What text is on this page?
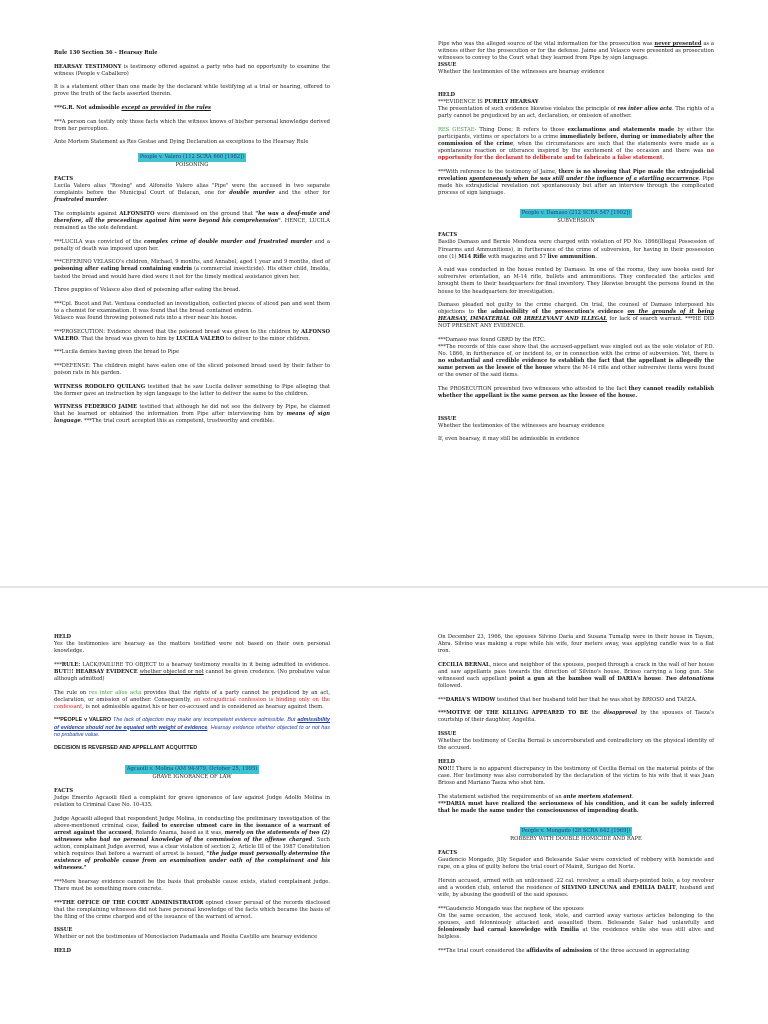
Rule 130 Section 36 – Hearsay Rule

HEARSAY TESTIMONY is testimony offered against a party who had no opportunity to examine the witness (People v Caballero)

It is a statement other than one made by the declarant while testifying at a trial or hearing, offered to prove the truth of the facts asserted therein.

***G.R. Not admissible except as provided in the rules

***A person can testify only those facts which the witness knows of his/her personal knowledge derived from her perception.

Ante Mortem Statement as Res Gestae and Dying Declaration as exceptions to the Hearsay Rule

People v. Valero (112 SCRA 660 [1982])
POISONING

FACTS

Lucila Valero alias "Rosing" and Alfonsito Valero alias "Pipe" were the accused in two separate complaints before the Municipal Court of Bulacan, one for double murder and the other for frustrated murder.

The complaints against ALFONSITO were dismissed on the ground that "he was a deaf-mute and therefore, all the proceedings against him were beyond his comprehension". HENCE, LUCILA remained as the sole defendant.

***LUCILA was convicted of the complex crime of double murder and frustrated murder and a penalty of death was imposed upon her.

***CEFERINO VELASCO's children, Michael, 9 months, and Annabel, aged 1 year and 9 months, died of poisoning after eating bread containing endrin (a commercial insecticide). His other child, Imelda, tasted the bread and would have died were it not for the timely medical assistance given her.

Three puppies of Velasco also died of poisoning after eating the bread.

***Cpl. Bucot and Pat. Ventusa conducted an investigation, collected pieces of sliced pan and sent them to a chemist for examination. It was found that the bread contained endrin.

Velasco was found throwing poisoned rats into a river near his house.

***PROSECUTION: Evidence showed that the poisoned bread was given to the children by ALFONSO VALERO. That the bread was given to him by LUCILA VALERO to deliver to the minor children.

***Lucila denies having given the bread to Pipe

***DEFENSE: The children might have eaten one of the sliced poisoned bread used by their father to poison rats in his garden.

WITNESS RODOLFO QUILANG testified that he saw Lucila deliver something to Pipe alleging that the former gave an instruction by sign language to the latter to deliver the same to the children.

WITNESS FEDERICO JAIME testified that although he did not see the delivery by Pipe, he claimed that he learned or obtained the information from Pipe after interviewing him by means of sign language. ***The trial court accepted this as competent, trustworthy and credible.

Pipe who was the alleged source of the vital information for the prosecution was never presented as a witness either for the prosecution or for the defense. Jaime and Velasco were presented as prosecution witnesses to convey to the Court what they learned from Pipe by sign language.

ISSUE

Whether the testimonies of the witnesses are hearsay evidence

HELD

***EVIDENCE IS PURELY HEARSAY

The presentation of such evidence likewise violates the principle of res inter alios acta. The rights of a party cannot be prejudiced by an act, declaration, or omission of another.

RES GESTAE- Thing Done; It refers to those exclamations and statements made by either the participants, victims or spectators to a crime immediately before, during or immediately after the commission of the crime, when the circumstances are such that the statements were made as a spontaneous reaction or utterance inspired by the excitement of the occasion and there was no opportunity for the declarant to deliberate and to fabricate a false statement.

***With reference to the testimony of Jaime, there is no showing that Pipe made the extrajudicial revelation spontaneously when he was still under the influence of a startling occurrence. Pipe made his extrajudicial revelation not spontaneously but after an interview through the complicated process of sign language.

People v. Damaso (212 SCRA 547 [1992])
SUBVERSION

FACTS

Basilio Damaso and Bernie Mendoza were charged with violation of PD No. 1866(Illegal Possession of Firearms and Ammunitions), in furtherance of the crime of subversion, for having in their possession one (1) M14 Rifle with magazine and 57 live ammunition.

A raid was conducted in the house rented by Damaso. In one of the rooms, they saw books used for subversive orientation, an M-14 rifle, bullets and ammunitions. They confiscated the articles and brought them to their headquarters for final inventory. They likewise brought the persons found in the house to the headquarters for investigation.

Damaso pleaded not guilty to the crime charged. On trial, the counsel of Damaso interposed his objections to the admissibility of the prosecution's evidence on the grounds of it being HEARSAY, IMMATERIAL OR IRRELEVANT AND ILLEGAL for lack of search warrant. ***HE DID NOT PRESENT ANY EVIDENCE.

***Damaso was found GBRD by the RTC.

***The records of this case show that the accused-appellant was singled out as the sole violator of P.D. No. 1866, in furtherance of, or incident to, or in connection with the crime of subversion. Yet, there is no substantial and credible evidence to establish the fact that the appellant is allegedly the same person as the lessee of the house where the M-14 rifle and other subversive items were found or the owner of the said items.

The PROSECUTION presented two witnesses who attested to the fact they cannot readily establish whether the appellant is the same person as the lessee of the house.

ISSUE

Whether the testimonies of the witnesses are hearsay evidence

If, even hearsay, it may still be admissible in evidence

HELD

Yes the testimonies are hearsay as the matters testified were not based on their own personal knowledge.

***RULE: LACK/FAILURE TO OBJECT to a hearsay testimony results in it being admitted in evidence. BUT!!! HEARSAY EVIDENCE whether objected or not cannot be given credence. (No probative value although admitted)

The rule on res inter alios acta provides that the rights of a party cannot be prejudiced by an act, declaration, or omission of another. Consequently, an extrajudicial confession is binding only on the confessant, is not admissible against his or her co-accused and is considered as hearsay against them.

***PEOPLE v VALERO The lack of objection may make any incompetent evidence admissible. But admissibility of evidence should not be equated with weight of evidence. Hearsay evidence whether objected to or not has no probative value.

DECISION IS REVERSED AND APPELLANT ACQUITTED

Agcaoili v. Molina (AM 94-979, October 25, 1995)
GRAVE IGNORANCE OF LAW

FACTS

Judge Emerito Agcaoili filed a complaint for grave ignorance of law against Judge Adolfo Molina in relation to Criminal Case No. 10-435.

Judge Agcaoili alleged that respondent Judge Molina, in conducting the preliminary investigation of the above-mentioned criminal case, failed to exercise utmost care in the issuance of a warrant of arrest against the accused, Rolando Anama, based as it was, merely on the statements of two (2) witnesses who had no personal knowledge of the commission of the offense charged. Such action, complainant Judge averred, was a clear violation of section 2, Article III of the 1987 Constitution which requires that before a warrant of arrest is issued, "the judge must personally determine the existence of probable cause from an examination under oath of the complainant and his witnesses."

***Mere hearsay evidence cannot be the basis that probable cause exists, stated complainant judge. There must be something more concrete.

***THE OFFICE OF THE COURT ADMINISTRATOR opined closer perusal of the records disclosed that the complaining witnesses did not have personal knowledge of the facts which became the basis of the filing of the crime charged and of the issuance of the warrant of arrest.

ISSUE

Whether or not the testimonies of Mencelacion Padamaala and Rosita Castillo are hearsay evidence

HELD

On December 23, 1966, the spouses Silvino Daria and Susana Tumalip were in their house in Tayum, Abra. Silvino was making a rope while his wife, four meters away, was applying candle wax to a flat iron.

CECILIA BERNAL, niece and neighbor of the spouses, peeped through a crack in the wall of her house and saw appellants pass towards the direction of Silvino's house, Brioso carrying a long gun. She witnessed each appellant point a gun at the bamboo wall of DARIA's house. Two detonations followed.

***DARIA'S WIDOW testified that her husband told her that he was shot by BRIOSO and TAEZA.

***MOTIVE OF THE KILLING APPEARED TO BE the disapproval by the spouses of Taeza's courtship of their daughter, Angelita.

ISSUE

Whether the testimony of Cecilia Bernal is uncorroborated and contradictory on the physical identity of the accused.

HELD

NO!!! There is no apparent discrepancy in the testimony of Cecilia Bernal on the material points of the case. Her testimony was also corroborated by the declaration of the victim to his wife that it was Juan Brioso and Mariano Taeza who shot him.

The statement satisfied the requirements of an ante mortem statement.

***DARIA must have realized the seriousness of his condition, and it can be safely inferred that he made the same under the consciousness of impending death.

People v. Mongado (28 SCRA 642 [1969])
ROBBERY WITH DOUBLE HOMICIDE AND RAPE

FACTS

Gaudencio Mongado, Jilly Segador and Belesande Salar were convicted of robbery with homicide and rape, on a plea of guilty before the trial court of Mainit, Surigao del Norte.

Herein accused, armed with an unlicensed .22 cal. revolver, a small sharp-pointed bolo, a toy revolver and a wooden club, entered the residence of SILVINO LINCUNA and EMILIA DALIT, husband and wife, by abusing the goodwill of the said spouses.

***Gaudencio Mongado was the nephew of the spouses

On the same occasion, the accused took, stole, and carried away various articles belonging to the spouses, and felonniously attacked and assaulted them. Belesande Salar had unlawfully and feloniously had carnal knowledge with Emilia at the residence while she was still alive and helpless.

***The trial court considered the affidavits of admission of the three accused in appreciating
